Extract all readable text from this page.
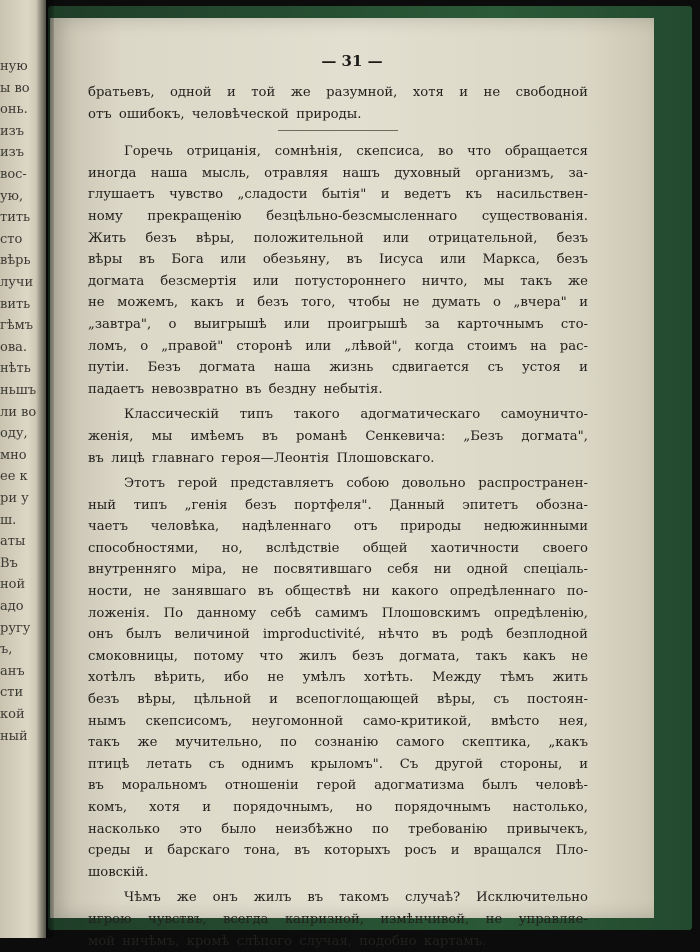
ную
ы во
онь.
изъ
изъ
вос-
ую,
тить
сто
вѣрь
лучи
вить
гѣмъ
ова.
нѣть
ньшъ
ли во
оду,
мно
ее к
ри у
ш.
аты
Въ
ной
адо
ругу
ъ,
анъ
сти
кой
ный
— 31 —
братьевъ, одной и той же разумной, хотя и не свободной
отъ ошибокъ, человѣческой природы.
Горечь отрицанія, сомнѣнія, скепсиса, во что обращается
иногда наша мысль, отравляя нашъ духовный организмъ, за-
глушаетъ чувство „сладости бытія" и ведетъ къ насильствен-
ному прекращенію безцѣльно-безсмысленнаго существованія.
Жить безъ вѣры, положительной или отрицательной, безъ
вѣры въ Бога или обезьяну, въ Іисуса или Маркса, безъ
догмата безсмертія или потустороннего ничто, мы такъ же
не можемъ, какъ и безъ того, чтобы не думать о „вчера" и
„завтра", о выигрышѣ или проигрышѣ за карточнымъ сто-
ломъ, о „правой" сторонѣ или „лѣвой", когда стоимъ на рас-
путіи. Безъ догмата наша жизнь сдвигается съ устоя и
падаетъ невозвратно въ бездну небытія.
Классическій типъ такого адогматическаго самоуничто-
женія, мы имѣемъ въ романѣ Сенкевича: „Безъ догмата",
въ лицѣ главнаго героя—Леонтія Плошовскаго.
Этотъ герой представляетъ собою довольно распространен-
ный типъ „генія безъ портфеля". Данный эпитетъ обозна-
чаетъ человѣка, надѣленнаго отъ природы недюжинными
способностями, но, вслѣдствіе общей хаотичности своего
внутренняго міра, не посвятившаго себя ни одной спеціаль-
ности, не занявшаго въ обществѣ ни какого опредѣленнаго по-
ложенія. По данному себѣ самимъ Плошовскимъ опредѣленію,
онъ былъ величиной improductivité, нѣчто въ родѣ безплодной
смоковницы, потому что жилъ безъ догмата, такъ какъ не
хотѣлъ вѣрить, ибо не умѣлъ хотѣть. Между тѣмъ жить
безъ вѣры, цѣльной и всепоглощающей вѣры, съ постоян-
нымъ скепсисомъ, неугомонной само-критикой, вмѣсто нея,
такъ же мучительно, по сознанію самого скептика, „какъ
птицѣ летать съ однимъ крыломъ". Съ другой стороны, и
въ моральномъ отношеніи герой адогматизма былъ человѣ-
комъ, хотя и порядочнымъ, но порядочнымъ настолько,
насколько это было неизбѣжно по требованію привычекъ,
среды и барскаго тона, въ которыхъ росъ и вращался Пло-
шовскій.
Чѣмъ же онъ жилъ въ такомъ случаѣ? Исключительно
игрою чувствъ, всегда капризной, измѣнчивой, не управляе-
мой ничѣмъ, кромѣ слѣпого случая, подобно картамъ.
